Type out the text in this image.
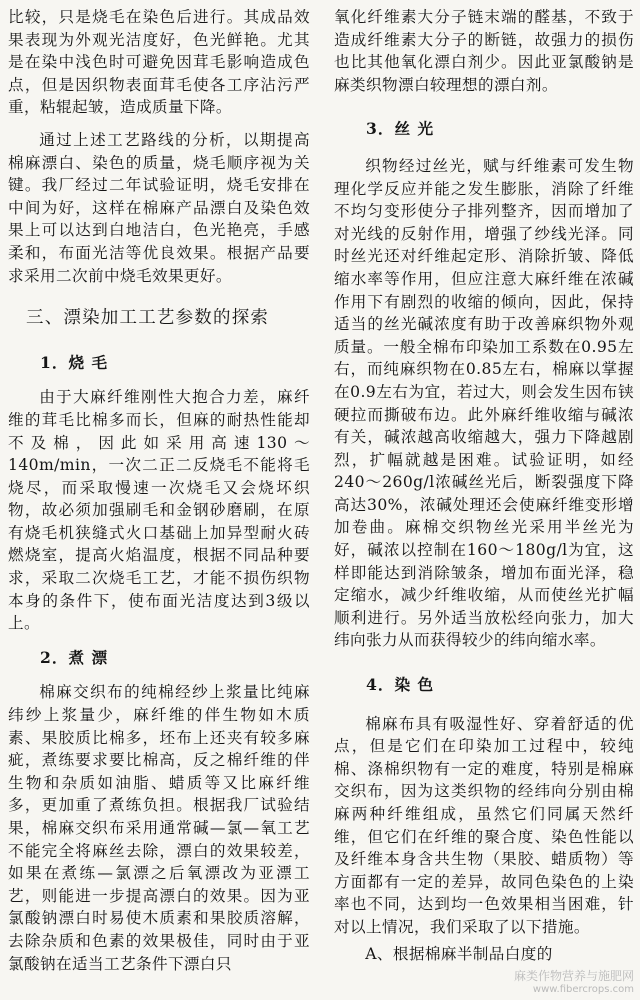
比较，只是烧毛在染色后进行。其成品效果表现为外观光洁度好，色光鲜艳。尤其是在染中浅色时可避免因茸毛影响造成色点，但是因织物表面茸毛使各工序沾污严重，粘辊起皱，造成质量下降。

通过上述工艺路线的分析，以期提高棉麻漂白、染色的质量，烧毛顺序视为关键。我厂经过二年试验证明，烧毛安排在中间为好，这样在棉麻产品漂白及染色效果上可以达到白地洁白，色光艳亮，手感柔和，布面光洁等优良效果。根据产品要求采用二次前中烧毛效果更好。

三、漂染加工工艺参数的探索
1．烧 毛

由于大麻纤维刚性大抱合力差，麻纤维的茸毛比棉多而长，但麻的耐热性能却不及棉，因此如采用高速130～140m/min，一次二正二反烧毛不能将毛烧尽，而采取慢速一次烧毛又会烧坏织物，故必须加强刷毛和金钢砂磨刷，在原有烧毛机狭缝式火口基础上加异型耐火砖燃烧室，提高火焰温度，根据不同品种要求，采取二次烧毛工艺，才能不损伤织物本身的条件下，使布面光洁度达到3级以上。

2．煮 漂

棉麻交织布的纯棉经纱上浆量比纯麻纬纱上浆量少，麻纤维的伴生物如木质素、果胶质比棉多，坯布上还夹有较多麻疵，煮练要求要比棉高，反之棉纤维的伴生物和杂质如油脂、蜡质等又比麻纤维多，更加重了煮练负担。根据我厂试验结果，棉麻交织布采用通常碱—氯—氧工艺不能完全将麻丝去除，漂白的效果较差，如果在煮练—氯漂之后氧漂改为亚漂工艺，则能进一步提高漂白的效果。因为亚氯酸钠漂白时易使木质素和果胶质溶解，去除杂质和色素的效果极佳，同时由于亚氯酸钠在适当工艺条件下漂白只

氧化纤维素大分子链末端的醛基，不致于造成纤维素大分子的断链，故强力的损伤也比其他氧化漂白剂少。因此亚氯酸钠是麻类织物漂白较理想的漂白剂。

3．丝 光

织物经过丝光，赋与纤维素可发生物理化学反应并能之发生膨胀，消除了纤维不均匀变形使分子排列整齐，因而增加了对光线的反射作用，增强了纱线光泽。同时丝光还对纤维起定形、消除折皱、降低缩水率等作用，但应注意大麻纤维在浓碱作用下有剧烈的收缩的倾向，因此，保持适当的丝光碱浓度有助于改善麻织物外观质量。一般全棉布印染加工系数在0.95左右，而纯麻织物在0.85左右，棉麻以掌握在0.9左右为宜，若过大，则会发生因布铗硬拉而撕破布边。此外麻纤维收缩与碱浓有关，碱浓越高收缩越大，强力下降越剧烈，扩幅就越是困难。试验证明，如经240～260g/l浓碱丝光后，断裂强度下降高达30%，浓碱处理还会使麻纤维变形增加卷曲。麻棉交织物丝光采用半丝光为好，碱浓以控制在160～180g/l为宜，这样即能达到消除皱条，增加布面光泽，稳定缩水，减少纤维收缩，从而使丝光扩幅顺利进行。另外适当放松经向张力，加大纬向张力从而获得较少的纬向缩水率。

4．染 色

棉麻布具有吸湿性好、穿着舒适的优点，但是它们在印染加工过程中，较纯棉、涤棉织物有一定的难度，特别是棉麻交织布，因为这类织物的经纬向分别由棉麻两种纤维组成，虽然它们同属天然纤维，但它们在纤维的聚合度、染色性能以及纤维本身含共生物（果胶、蜡质物）等方面都有一定的差异，故同色染色的上染率也不同，达到均一色效果相当困难，针对以上情况，我们采取了以下措施。

A、根据棉麻半制品白度的

麻类作物营养与施肥网
www.fibercrops.com
